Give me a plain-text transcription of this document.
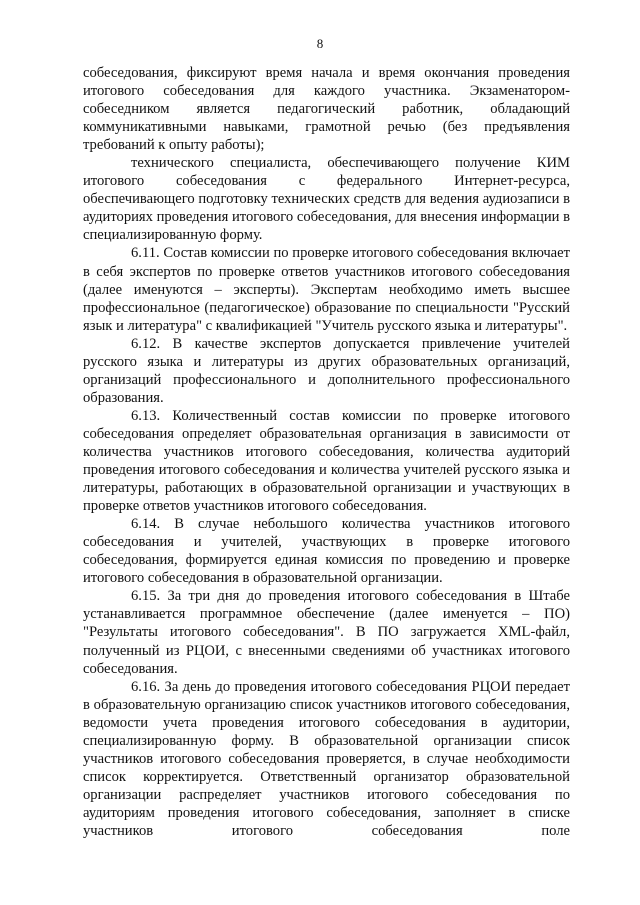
8

собеседования, фиксируют время начала и время окончания проведения итогового собеседования для каждого участника. Экзаменатором-собеседником является педагогический работник, обладающий коммуникативными навыками, грамотной речью (без предъявления требований к опыту работы);

технического специалиста, обеспечивающего получение КИМ итогового собеседования с федерального Интернет-ресурса, обеспечивающего подготовку технических средств для ведения аудиозаписи в аудиториях проведения итогового собеседования, для внесения информации в специализированную форму.

6.11. Состав комиссии по проверке итогового собеседования включает в себя экспертов по проверке ответов участников итогового собеседования (далее именуются – эксперты). Экспертам необходимо иметь высшее профессиональное (педагогическое) образование по специальности "Русский язык и литература" с квалификацией "Учитель русского языка и литературы".

6.12. В качестве экспертов допускается привлечение учителей русского языка и литературы из других образовательных организаций, организаций профессионального и дополнительного профессионального образования.

6.13. Количественный состав комиссии по проверке итогового собеседования определяет образовательная организация в зависимости от количества участников итогового собеседования, количества аудиторий проведения итогового собеседования и количества учителей русского языка и литературы, работающих в образовательной организации и участвующих в проверке ответов участников итогового собеседования.

6.14. В случае небольшого количества участников итогового собеседования и учителей, участвующих в проверке итогового собеседования, формируется единая комиссия по проведению и проверке итогового собеседования в образовательной организации.

6.15. За три дня до проведения итогового собеседования в Штабе устанавливается программное обеспечение (далее именуется – ПО) "Результаты итогового собеседования". В ПО загружается XML-файл, полученный из РЦОИ, с внесенными сведениями об участниках итогового собеседования.

6.16. За день до проведения итогового собеседования РЦОИ передает в образовательную организацию список участников итогового собеседования, ведомости учета проведения итогового собеседования в аудитории, специализированную форму. В образовательной организации список участников итогового собеседования проверяется, в случае необходимости список корректируется. Ответственный организатор образовательной организации распределяет участников итогового собеседования по аудиториям проведения итогового собеседования, заполняет в списке участников итогового собеседования поле
